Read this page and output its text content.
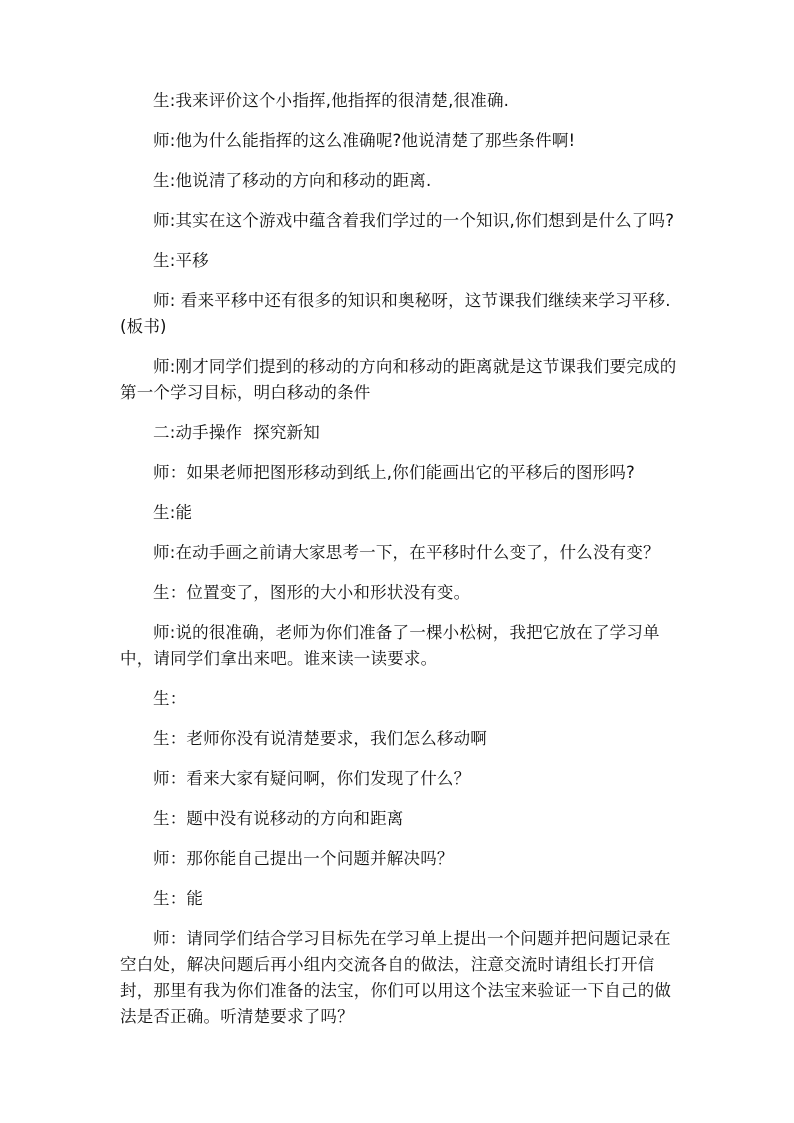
生:我来评价这个小指挥,他指挥的很清楚,很准确.

师:他为什么能指挥的这么准确呢?他说清楚了那些条件啊!

生:他说清了移动的方向和移动的距离.

师:其实在这个游戏中蕴含着我们学过的一个知识,你们想到是什么了吗?

生:平移

师: 看来平移中还有很多的知识和奥秘呀，这节课我们继续来学习平移.(板书)

师:刚才同学们提到的移动的方向和移动的距离就是这节课我们要完成的第一个学习目标，明白移动的条件

二:动手操作  探究新知

师：如果老师把图形移动到纸上,你们能画出它的平移后的图形吗?

生:能

师:在动手画之前请大家思考一下，在平移时什么变了，什么没有变？

生：位置变了，图形的大小和形状没有变。

师:说的很准确，老师为你们准备了一棵小松树，我把它放在了学习单中，请同学们拿出来吧。谁来读一读要求。

生：

生：老师你没有说清楚要求，我们怎么移动啊

师：看来大家有疑问啊，你们发现了什么？

生：题中没有说移动的方向和距离

师：那你能自己提出一个问题并解决吗？

生：能

师：请同学们结合学习目标先在学习单上提出一个问题并把问题记录在空白处，解决问题后再小组内交流各自的做法，注意交流时请组长打开信封，那里有我为你们准备的法宝，你们可以用这个法宝来验证一下自己的做法是否正确。听清楚要求了吗？
